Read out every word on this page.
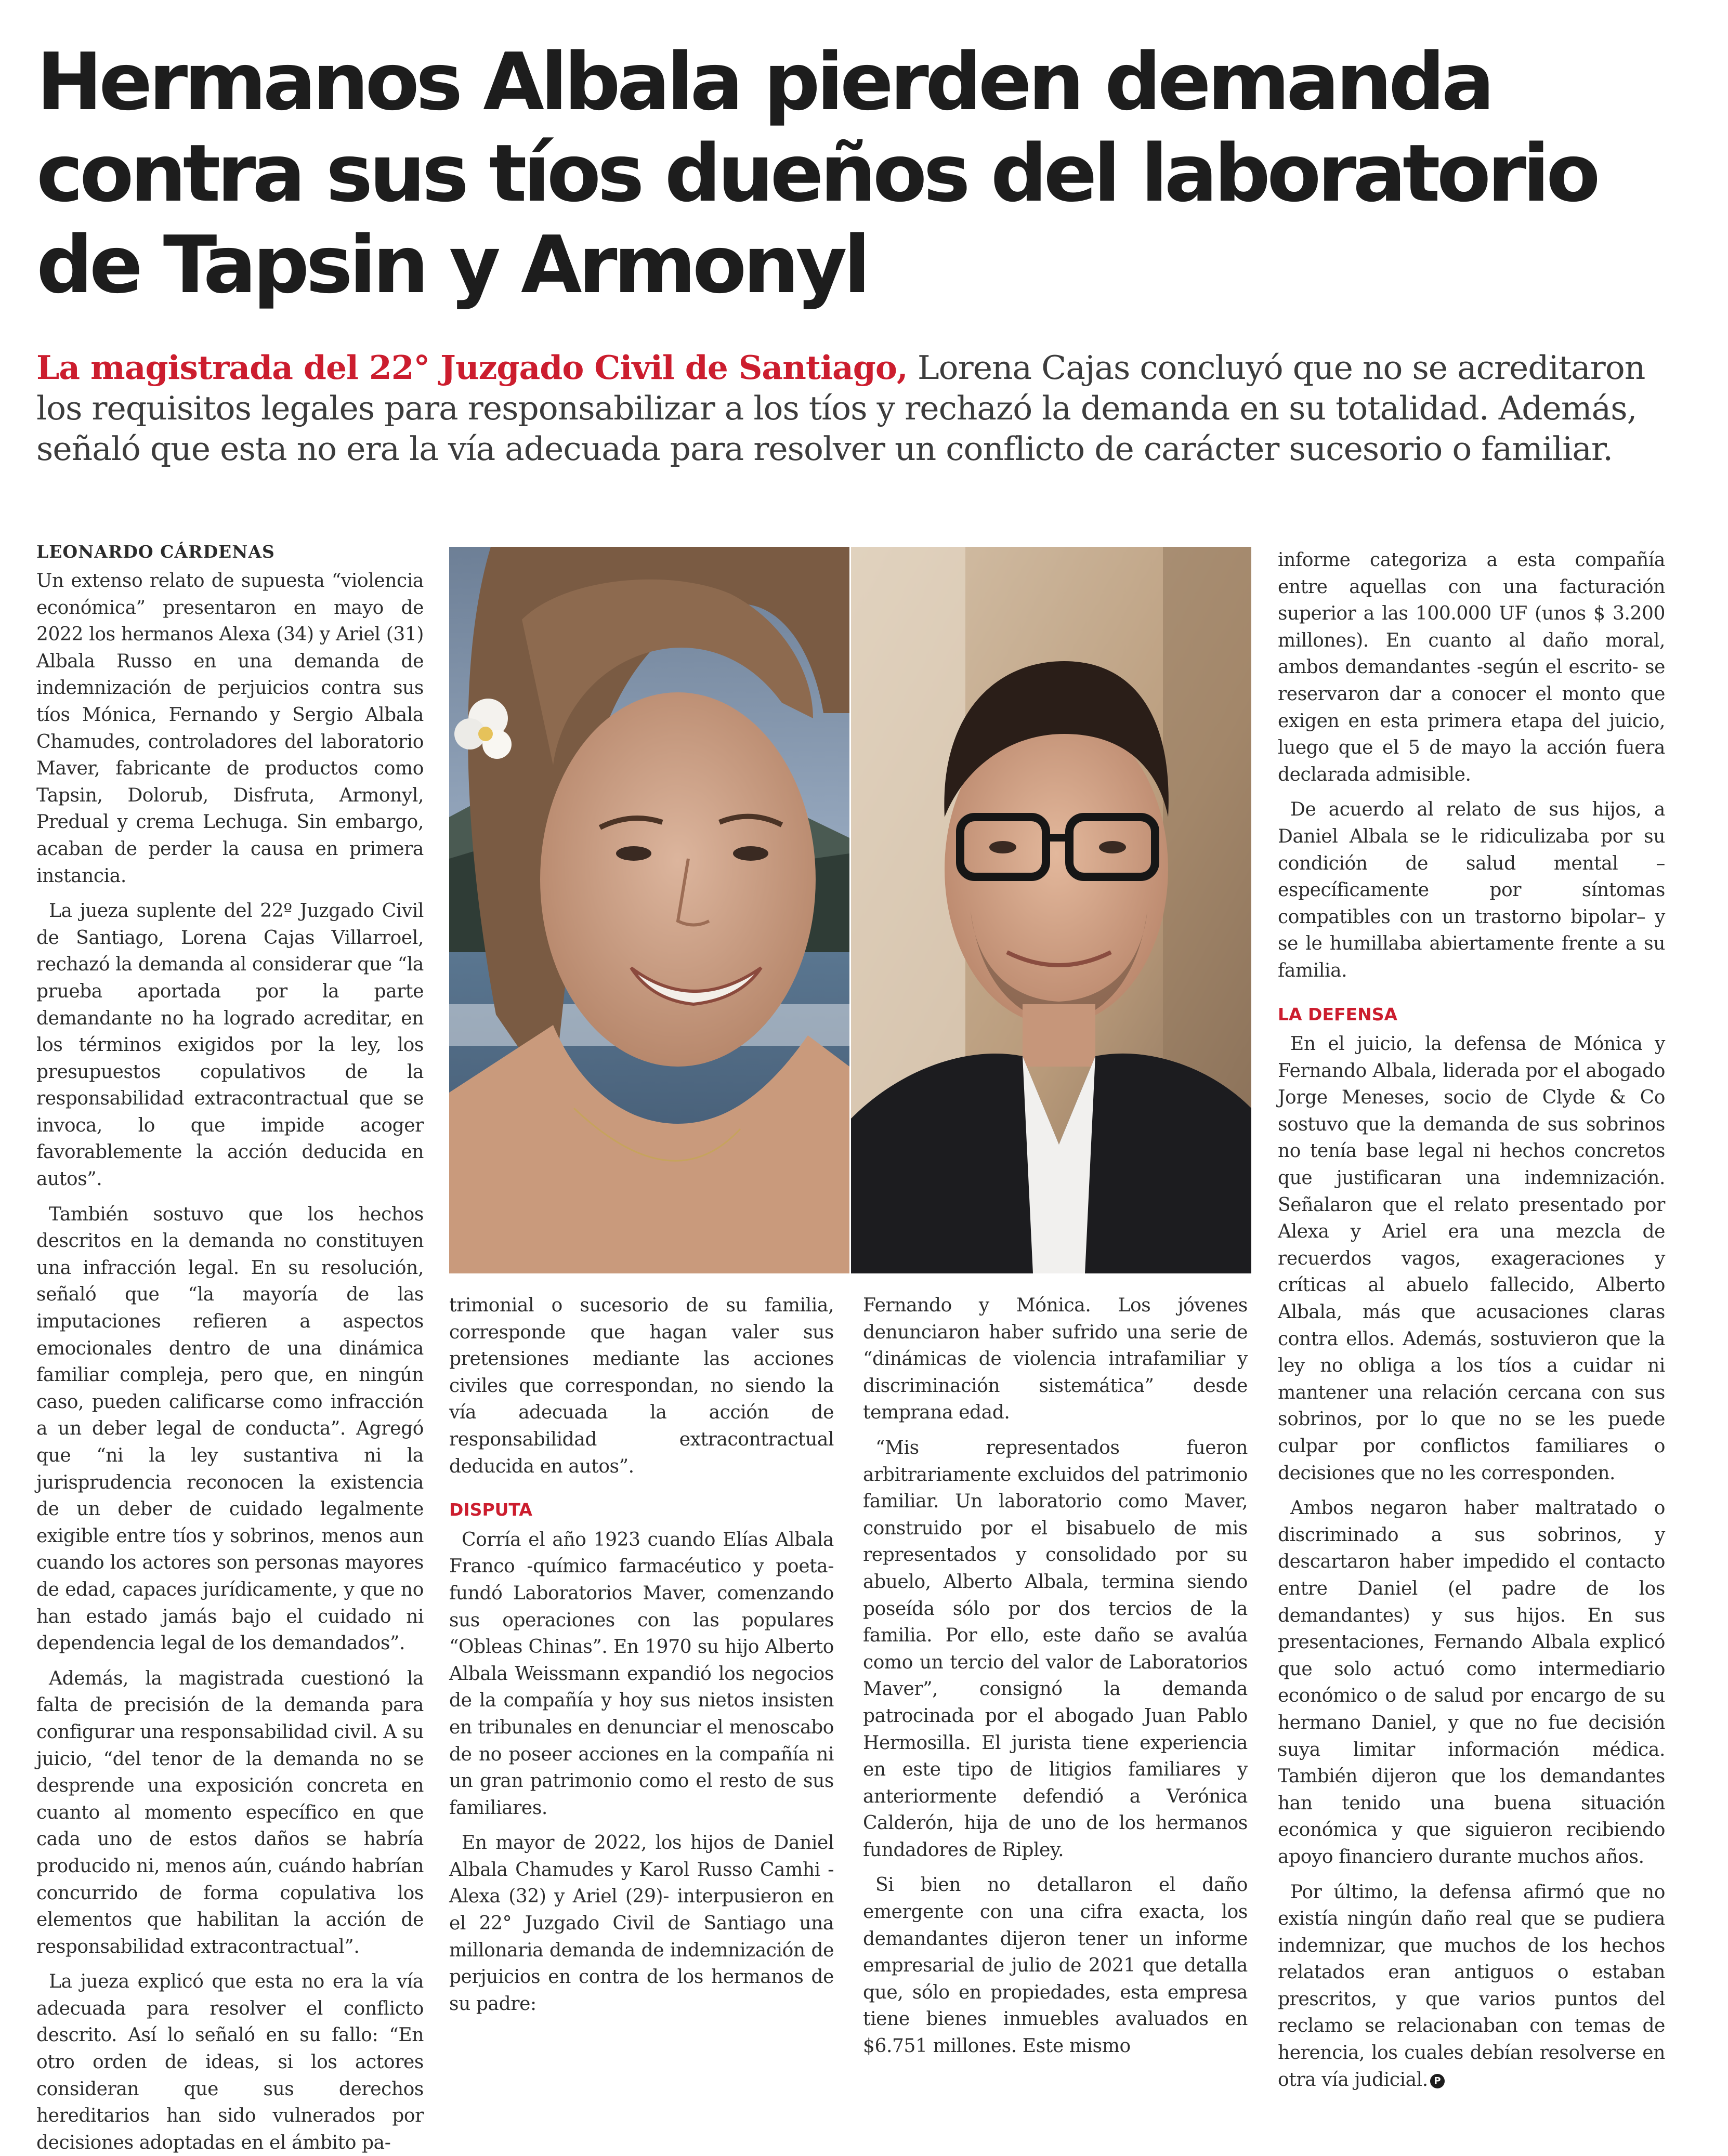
Hermanos Albala pierden demanda
contra sus tíos dueños del laboratorio
de Tapsin y Armonyl

La magistrada del 22° Juzgado Civil de Santiago, Lorena Cajas concluyó que no se acreditaron los requisitos legales para responsabilizar a los tíos y rechazó la demanda en su totalidad. Además, señaló que esta no era la vía adecuada para resolver un conflicto de carácter sucesorio o familiar.

LEONARDO CÁRDENAS

Un extenso relato de supuesta “violencia económica” presentaron en mayo de 2022 los hermanos Alexa (34) y Ariel (31) Albala Russo en una demanda de indemnización de perjuicios contra sus tíos Mónica, Fernando y Sergio Albala Chamudes, controladores del laboratorio Maver, fabricante de productos como Tapsin, Dolorub, Disfruta, Armonyl, Predual y crema Lechuga. Sin embargo, acaban de perder la causa en primera instancia.

La jueza suplente del 22º Juzgado Civil de Santiago, Lorena Cajas Villarroel, rechazó la demanda al considerar que “la prueba aportada por la parte demandante no ha logrado acreditar, en los términos exigidos por la ley, los presupuestos copulativos de la responsabilidad extracontractual que se invoca, lo que impide acoger favorablemente la acción deducida en autos”.

También sostuvo que los hechos descritos en la demanda no constituyen una infracción legal. En su resolución, señaló que “la mayoría de las imputaciones refieren a aspectos emocionales dentro de una dinámica familiar compleja, pero que, en ningún caso, pueden calificarse como infracción a un deber legal de conducta”. Agregó que “ni la ley sustantiva ni la jurisprudencia reconocen la existencia de un deber de cuidado legalmente exigible entre tíos y sobrinos, menos aun cuando los actores son personas mayores de edad, capaces jurídicamente, y que no han estado jamás bajo el cuidado ni dependencia legal de los demandados”.

Además, la magistrada cuestionó la falta de precisión de la demanda para configurar una responsabilidad civil. A su juicio, “del tenor de la demanda no se desprende una exposición concreta en cuanto al momento específico en que cada uno de estos daños se habría producido ni, menos aún, cuándo habrían concurrido de forma copulativa los elementos que habilitan la acción de responsabilidad extracontractual”.

La jueza explicó que esta no era la vía adecuada para resolver el conflicto descrito. Así lo señaló en su fallo: “En otro orden de ideas, si los actores consideran que sus derechos hereditarios han sido vulnerados por decisiones adoptadas en el ámbito pa-

trimonial o sucesorio de su familia, corresponde que hagan valer sus pretensiones mediante las acciones civiles que correspondan, no siendo la vía adecuada la acción de responsabilidad extracontractual deducida en autos”.

DISPUTA

Corría el año 1923 cuando Elías Albala Franco -químico farmacéutico y poeta- fundó Laboratorios Maver, comenzando sus operaciones con las populares “Obleas Chinas”. En 1970 su hijo Alberto Albala Weissmann expandió los negocios de la compañía y hoy sus nietos insisten en tribunales en denunciar el menoscabo de no poseer acciones en la compañía ni un gran patrimonio como el resto de sus familiares.

En mayor de 2022, los hijos de Daniel Albala Chamudes y Karol Russo Camhi -Alexa (32) y Ariel (29)- interpusieron en el 22° Juzgado Civil de Santiago una millonaria demanda de indemnización de perjuicios en contra de los hermanos de su padre:

Fernando y Mónica. Los jóvenes denunciaron haber sufrido una serie de “dinámicas de violencia intrafamiliar y discriminación sistemática” desde temprana edad.

“Mis representados fueron arbitrariamente excluidos del patrimonio familiar. Un laboratorio como Maver, construido por el bisabuelo de mis representados y consolidado por su abuelo, Alberto Albala, termina siendo poseída sólo por dos tercios de la familia. Por ello, este daño se avalúa como un tercio del valor de Laboratorios Maver”, consignó la demanda patrocinada por el abogado Juan Pablo Hermosilla. El jurista tiene experiencia en este tipo de litigios familiares y anteriormente defendió a Verónica Calderón, hija de uno de los hermanos fundadores de Ripley.

Si bien no detallaron el daño emergente con una cifra exacta, los demandantes dijeron tener un informe empresarial de julio de 2021 que detalla que, sólo en propiedades, esta empresa tiene bienes inmuebles avaluados en $6.751 millones. Este mismo

informe categoriza a esta compañía entre aquellas con una facturación superior a las 100.000 UF (unos $ 3.200 millones). En cuanto al daño moral, ambos demandantes -según el escrito- se reservaron dar a conocer el monto que exigen en esta primera etapa del juicio, luego que el 5 de mayo la acción fuera declarada admisible.

De acuerdo al relato de sus hijos, a Daniel Albala se le ridiculizaba por su condición de salud mental –específicamente por síntomas compatibles con un trastorno bipolar– y se le humillaba abiertamente frente a su familia.

LA DEFENSA

En el juicio, la defensa de Mónica y Fernando Albala, liderada por el abogado Jorge Meneses, socio de Clyde & Co sostuvo que la demanda de sus sobrinos no tenía base legal ni hechos concretos que justificaran una indemnización. Señalaron que el relato presentado por Alexa y Ariel era una mezcla de recuerdos vagos, exageraciones y críticas al abuelo fallecido, Alberto Albala, más que acusaciones claras contra ellos. Además, sostuvieron que la ley no obliga a los tíos a cuidar ni mantener una relación cercana con sus sobrinos, por lo que no se les puede culpar por conflictos familiares o decisiones que no les corresponden.

Ambos negaron haber maltratado o discriminado a sus sobrinos, y descartaron haber impedido el contacto entre Daniel (el padre de los demandantes) y sus hijos. En sus presentaciones, Fernando Albala explicó que solo actuó como intermediario económico o de salud por encargo de su hermano Daniel, y que no fue decisión suya limitar información médica. También dijeron que los demandantes han tenido una buena situación económica y que siguieron recibiendo apoyo financiero durante muchos años.

Por último, la defensa afirmó que no existía ningún daño real que se pudiera indemnizar, que muchos de los hechos relatados eran antiguos o estaban prescritos, y que varios puntos del reclamo se relacionaban con temas de herencia, los cuales debían resolverse en otra vía judicial. P
